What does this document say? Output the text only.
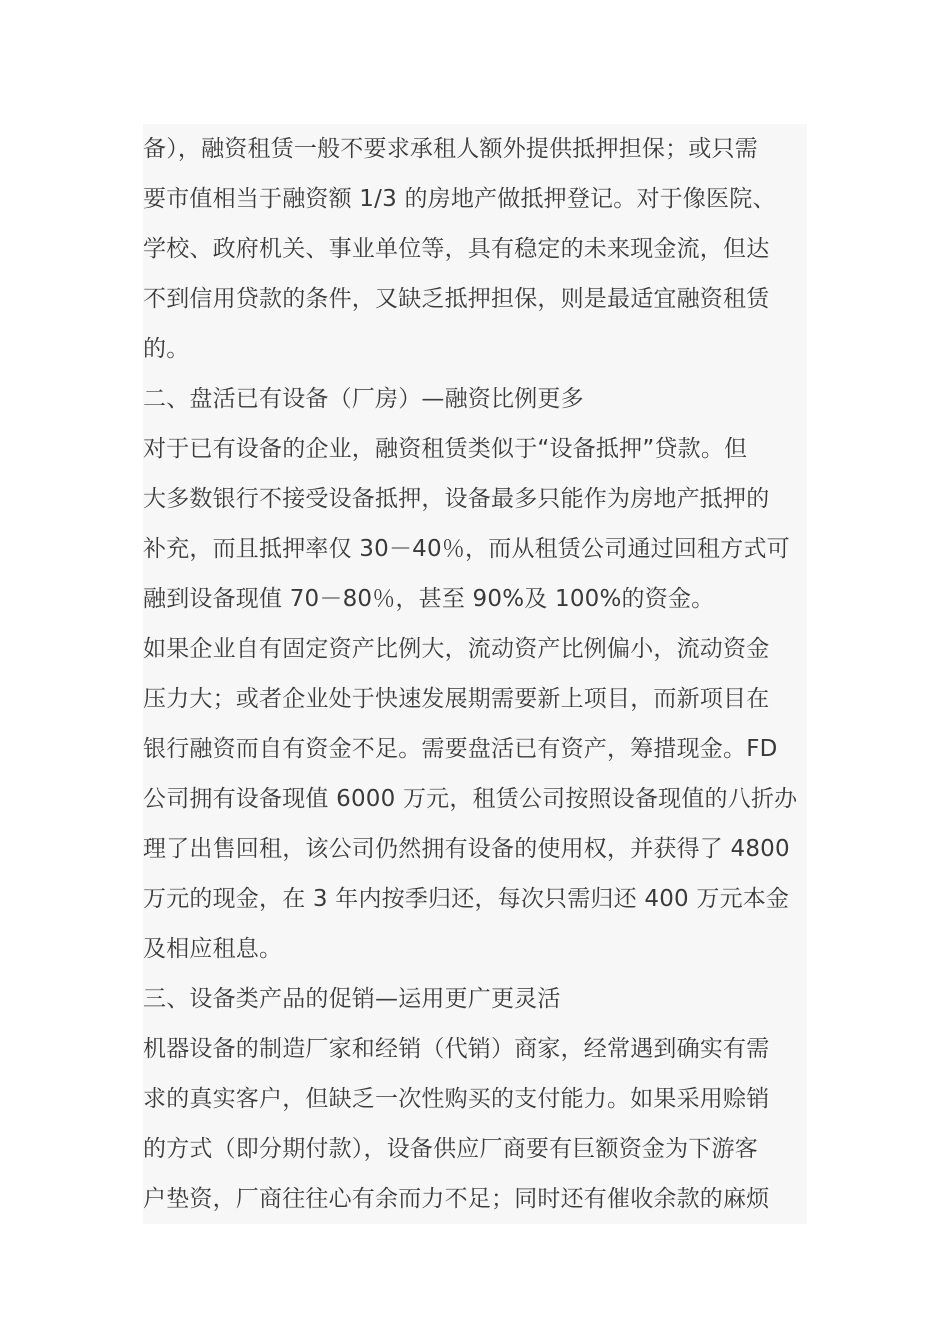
备），融资租赁一般不要求承租人额外提供抵押担保；或只需
要市值相当于融资额 1/3 的房地产做抵押登记。对于像医院、
学校、政府机关、事业单位等，具有稳定的未来现金流，但达
不到信用贷款的条件，又缺乏抵押担保，则是最适宜融资租赁
的。
二、盘活已有设备（厂房）—融资比例更多
对于已有设备的企业，融资租赁类似于“设备抵押”贷款。但
大多数银行不接受设备抵押，设备最多只能作为房地产抵押的
补充，而且抵押率仅 30－40％，而从租赁公司通过回租方式可
融到设备现值 70－80％，甚至 90%及 100%的资金。
如果企业自有固定资产比例大，流动资产比例偏小，流动资金
压力大；或者企业处于快速发展期需要新上项目，而新项目在
银行融资而自有资金不足。需要盘活已有资产，筹措现金。FD
公司拥有设备现值 6000 万元，租赁公司按照设备现值的八折办
理了出售回租，该公司仍然拥有设备的使用权，并获得了 4800
万元的现金，在 3 年内按季归还，每次只需归还 400 万元本金
及相应租息。
三、设备类产品的促销—运用更广更灵活
机器设备的制造厂家和经销（代销）商家，经常遇到确实有需
求的真实客户，但缺乏一次性购买的支付能力。如果采用赊销
的方式（即分期付款），设备供应厂商要有巨额资金为下游客
户垫资，厂商往往心有余而力不足；同时还有催收余款的麻烦
